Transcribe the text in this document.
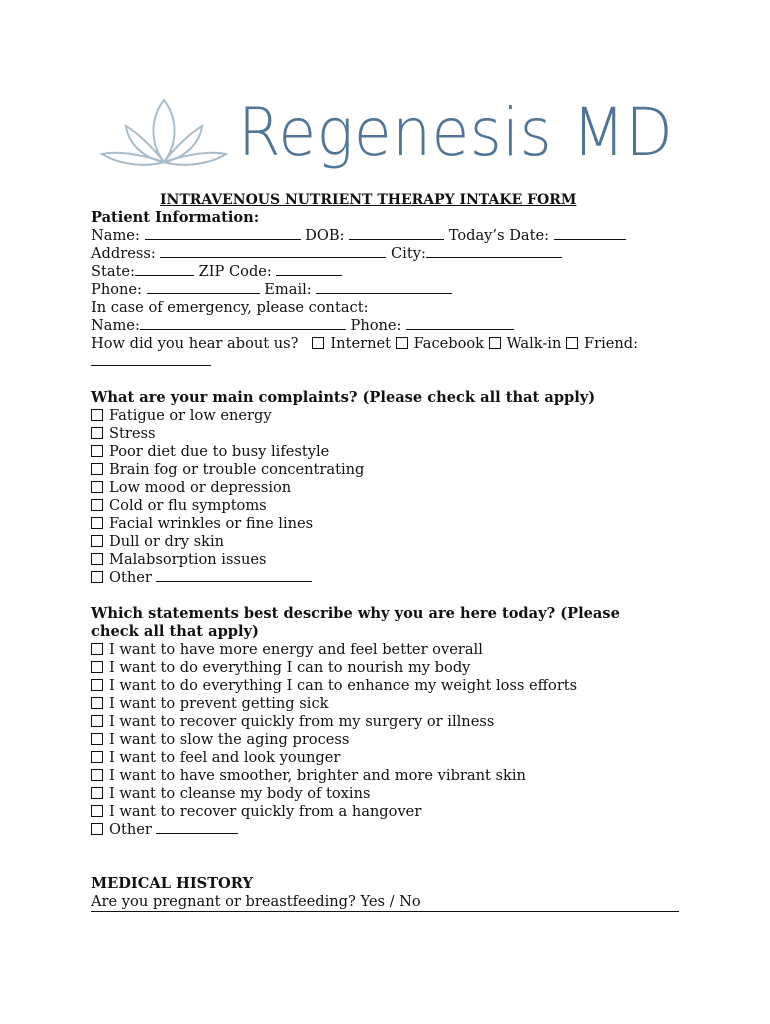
Regenesis MD
INTRAVENOUS NUTRIENT THERAPY INTAKE FORM
Patient Information:
Name:	DOB:	Today’s Date:
Address:	City:
State:	ZIP Code:
Phone:	Email:
In case of emergency, please contact:
Name:	Phone:
How did you hear about us? Internet Facebook Walk-in Friend:
What are your main complaints? (Please check all that apply)
Fatigue or low energy
Stress
Poor diet due to busy lifestyle
Brain fog or trouble concentrating
Low mood or depression
Cold or flu symptoms
Facial wrinkles or fine lines
Dull or dry skin
Malabsorption issues
Other
Which statements best describe why you are here today? (Please
check all that apply)
I want to have more energy and feel better overall
I want to do everything I can to nourish my body
I want to do everything I can to enhance my weight loss efforts
I want to prevent getting sick
I want to recover quickly from my surgery or illness
I want to slow the aging process
I want to feel and look younger
I want to have smoother, brighter and more vibrant skin
I want to cleanse my body of toxins
I want to recover quickly from a hangover
Other
MEDICAL HISTORY
Are you pregnant or breastfeeding? Yes / No
